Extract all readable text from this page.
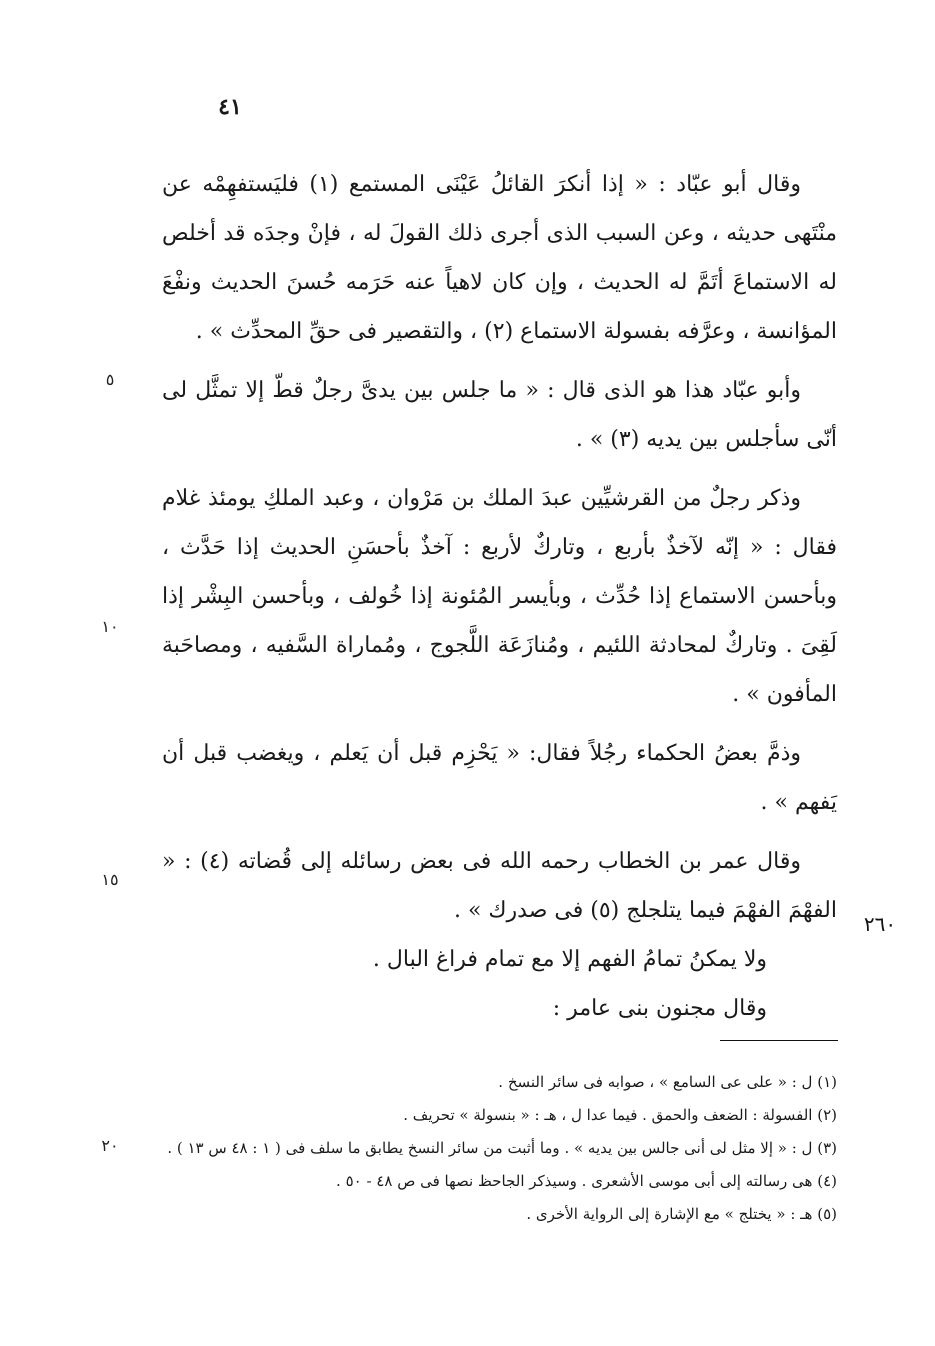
٤١

وقال أبو عبّاد : « إذا أنكرَ القائلُ عَيْنَى المستمع (١) فليَستفهِمْه عن منْتَهى حديثه ، وعن السبب الذى أجرى ذلك القولَ له ، فإنْ وجدَه قد أخلص له الاستماعَ أتَمَّ له الحديث ، وإن كان لاهياً عنه حَرَمه حُسنَ الحديث ونفْعَ المؤانسة ، وعرَّفه بفسولة الاستماع (٢) ، والتقصير فى حقِّ المحدِّث » .

وأبو عبّاد هذا هو الذى قال : « ما جلس بين يدىَّ رجلٌ قطّ إلا تمثَّل لى أنّى سأجلس بين يديه (٣) » .

وذكر رجلٌ من القرشيِّين عبدَ الملك بن مَرْوان ، وعبد الملكِ يومئذ غلام فقال : « إنّه لآخذٌ بأربع ، وتاركٌ لأربع : آخذٌ بأحسَنِ الحديث إذا حَدَّث ، وبأحسن الاستماع إذا حُدِّث ، وبأيسر المُئونة إذا خُولف ، وبأحسن البِشْر إذا لَقِىَ . وتاركٌ لمحادثة اللئيم ، ومُنازَعَة اللَّجوج ، ومُماراة السَّفيه ، ومصاحَبة المأفون » .

وذمَّ بعضُ الحكماء رجُلاً فقال: « يَحْزِم قبل أن يَعلم ، ويغضب قبل أن يَفهم » .

وقال عمر بن الخطاب رحمه الله فى بعض رسائله إلى قُضاته (٤) : « الفهْمَ الفهْمَ فيما يتلجلج (٥) فى صدرك » .

ولا يمكنُ تمامُ الفهم إلا مع تمام فراغ البال .

وقال مجنون بنى عامر :

٥
١٠
١٥
٢٠
٢٦٠
(١) ل : « على عى السامع » ، صوابه فى سائر النسخ .
(٢) الفسولة : الضعف والحمق . فيما عدا ل ، هـ : « بنسولة » تحريف .
(٣) ل : « إلا مثل لى أنى جالس بين يديه » . وما أثبت من سائر النسخ يطابق ما سلف فى ( ١ : ٤٨ س ١٣ ) .
(٤) هى رسالته إلى أبى موسى الأشعرى . وسيذكر الجاحظ نصها فى ص ٤٨ - ٥٠ .
(٥) هـ : « يختلج » مع الإشارة إلى الرواية الأخرى .
